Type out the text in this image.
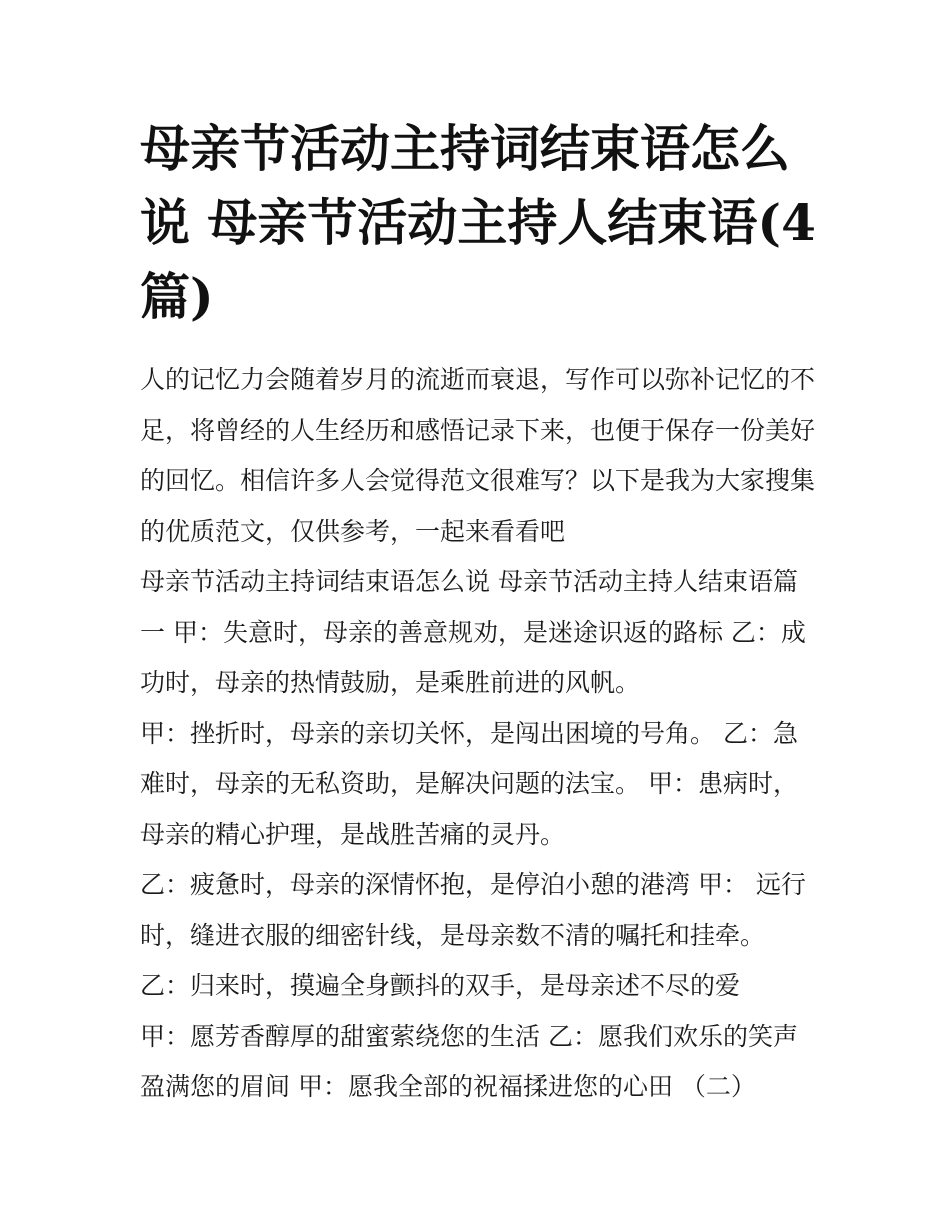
母亲节活动主持词结束语怎么
说 母亲节活动主持人结束语(4
篇)
人的记忆力会随着岁月的流逝而衰退，写作可以弥补记忆的不
足，将曾经的人生经历和感悟记录下来，也便于保存一份美好
的回忆。相信许多人会觉得范文很难写？以下是我为大家搜集
的优质范文，仅供参考，一起来看看吧
母亲节活动主持词结束语怎么说 母亲节活动主持人结束语篇
一 甲：失意时，母亲的善意规劝，是迷途识返的路标 乙：成
功时，母亲的热情鼓励，是乘胜前进的风帆。
甲：挫折时，母亲的亲切关怀，是闯出困境的号角。 乙：急
难时，母亲的无私资助，是解决问题的法宝。 甲：患病时，
母亲的精心护理，是战胜苦痛的灵丹。
乙：疲惫时，母亲的深情怀抱，是停泊小憩的港湾 甲： 远行
时，缝进衣服的细密针线，是母亲数不清的嘱托和挂牵。
乙：归来时，摸遍全身颤抖的双手，是母亲述不尽的爱
甲：愿芳香醇厚的甜蜜萦绕您的生活 乙：愿我们欢乐的笑声
盈满您的眉间 甲：愿我全部的祝福揉进您的心田 （二）
